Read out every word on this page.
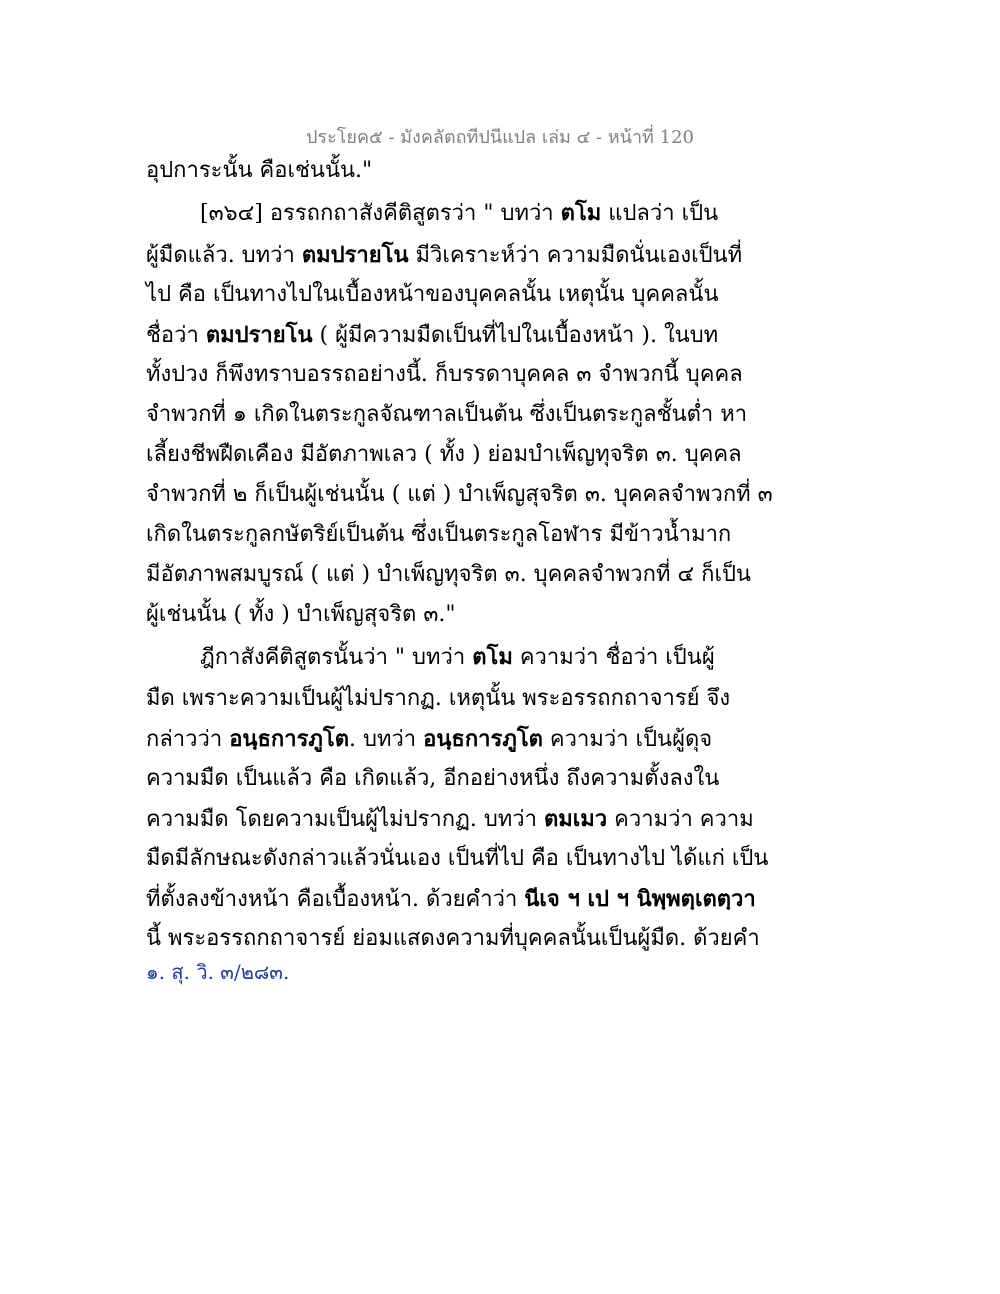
ประโยค๕ - มังคลัตถทีปนีแปล เล่ม ๔ - หน้าที่ 120
อุปการะนั้น คือเช่นนั้น."
[๓๖๔] อรรถกถาสังคีติสูตรว่า " บทว่า ตโม แปลว่า เป็น
ผู้มืดแล้ว. บทว่า ตมปรายโน มีวิเคราะห์ว่า ความมืดนั่นเองเป็นที่
ไป คือ เป็นทางไปในเบื้องหน้าของบุคคลนั้น เหตุนั้น บุคคลนั้น
ชื่อว่า ตมปรายโน ( ผู้มีความมืดเป็นที่ไปในเบื้องหน้า ). ในบท
ทั้งปวง ก็พึงทราบอรรถอย่างนี้. ก็บรรดาบุคคล ๓ จำพวกนี้ บุคคล
จำพวกที่ ๑ เกิดในตระกูลจัณฑาลเป็นต้น ซึ่งเป็นตระกูลชั้นต่ำ หา
เลี้ยงชีพฝืดเคือง มีอัตภาพเลว ( ทั้ง ) ย่อมบำเพ็ญทุจริต ๓. บุคคล
จำพวกที่ ๒ ก็เป็นผู้เช่นนั้น ( แต่ ) บำเพ็ญสุจริต ๓. บุคคลจำพวกที่ ๓
เกิดในตระกูลกษัตริย์เป็นต้น ซึ่งเป็นตระกูลโอฬาร มีข้าวน้ำมาก
มีอัตภาพสมบูรณ์ ( แต่ ) บำเพ็ญทุจริต ๓. บุคคลจำพวกที่ ๔ ก็เป็น
ผู้เช่นนั้น ( ทั้ง ) บำเพ็ญสุจริต ๓."
ฎีกาสังคีติสูตรนั้นว่า " บทว่า ตโม ความว่า ชื่อว่า เป็นผู้
มืด เพราะความเป็นผู้ไม่ปรากฏ. เหตุนั้น พระอรรถกถาจารย์ จึง
กล่าวว่า อนฺธการภูโต. บทว่า อนฺธการภูโต ความว่า เป็นผู้ดุจ
ความมืด เป็นแล้ว คือ เกิดแล้ว, อีกอย่างหนึ่ง ถึงความตั้งลงใน
ความมืด โดยความเป็นผู้ไม่ปรากฏ. บทว่า ตมเมว ความว่า ความ
มืดมีลักษณะดังกล่าวแล้วนั่นเอง เป็นที่ไป คือ เป็นทางไป ได้แก่ เป็น
ที่ตั้งลงข้างหน้า คือเบื้องหน้า. ด้วยคำว่า นีเจ ฯ เป ฯ นิพฺพตฺเตตฺวา
นี้ พระอรรถกถาจารย์ ย่อมแสดงความที่บุคคลนั้นเป็นผู้มืด. ด้วยคำ
๑. สุ. วิ. ๓/๒๘๓.
